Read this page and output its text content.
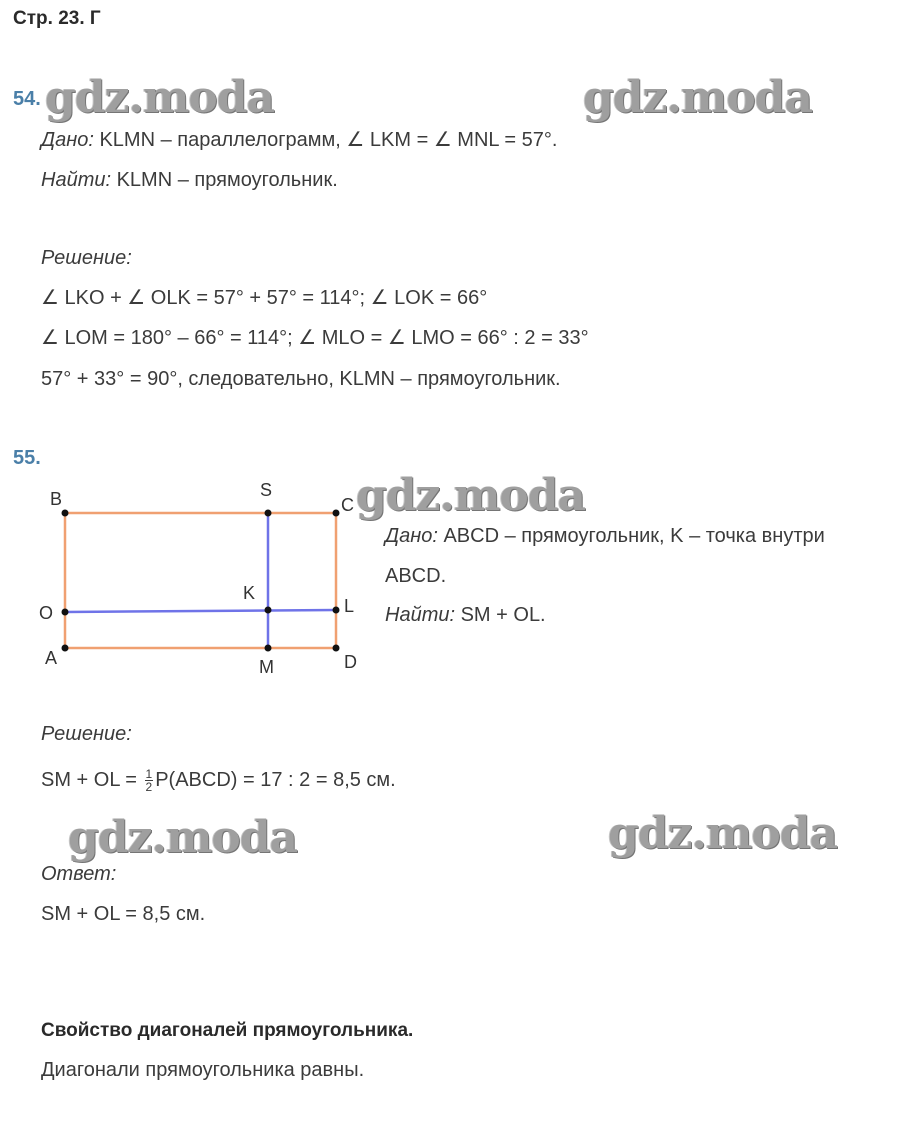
Стр. 23. Г
54.
Дано: KLMN – параллелограмм, ∠ LKM = ∠ MNL = 57°.
Найти: KLMN – прямоугольник.
Решение:
∠ LKO + ∠ OLK = 57° + 57° = 114°; ∠ LOK = 66°
∠ LOM = 180° – 66° = 114°; ∠ MLO = ∠ LMO = 66° : 2 = 33°
57° + 33° = 90°, следовательно, KLMN – прямоугольник.
55.
B	S
C
O
K
L
A	M	D
Дано: ABCD – прямоугольник, K – точка внутри
ABCD.
Найти: SM + OL.
Решение:
SM + OL = $\frac{1}{2}$ P(ABCD) = 17 : 2 = 8,5 см.
Ответ:
SM + OL = 8,5 см.
Свойство диагоналей прямоугольника.
Диагонали прямоугольника равны.
gdz.moda	gdz.moda
gdz.moda
gdz.moda	gdz.moda
